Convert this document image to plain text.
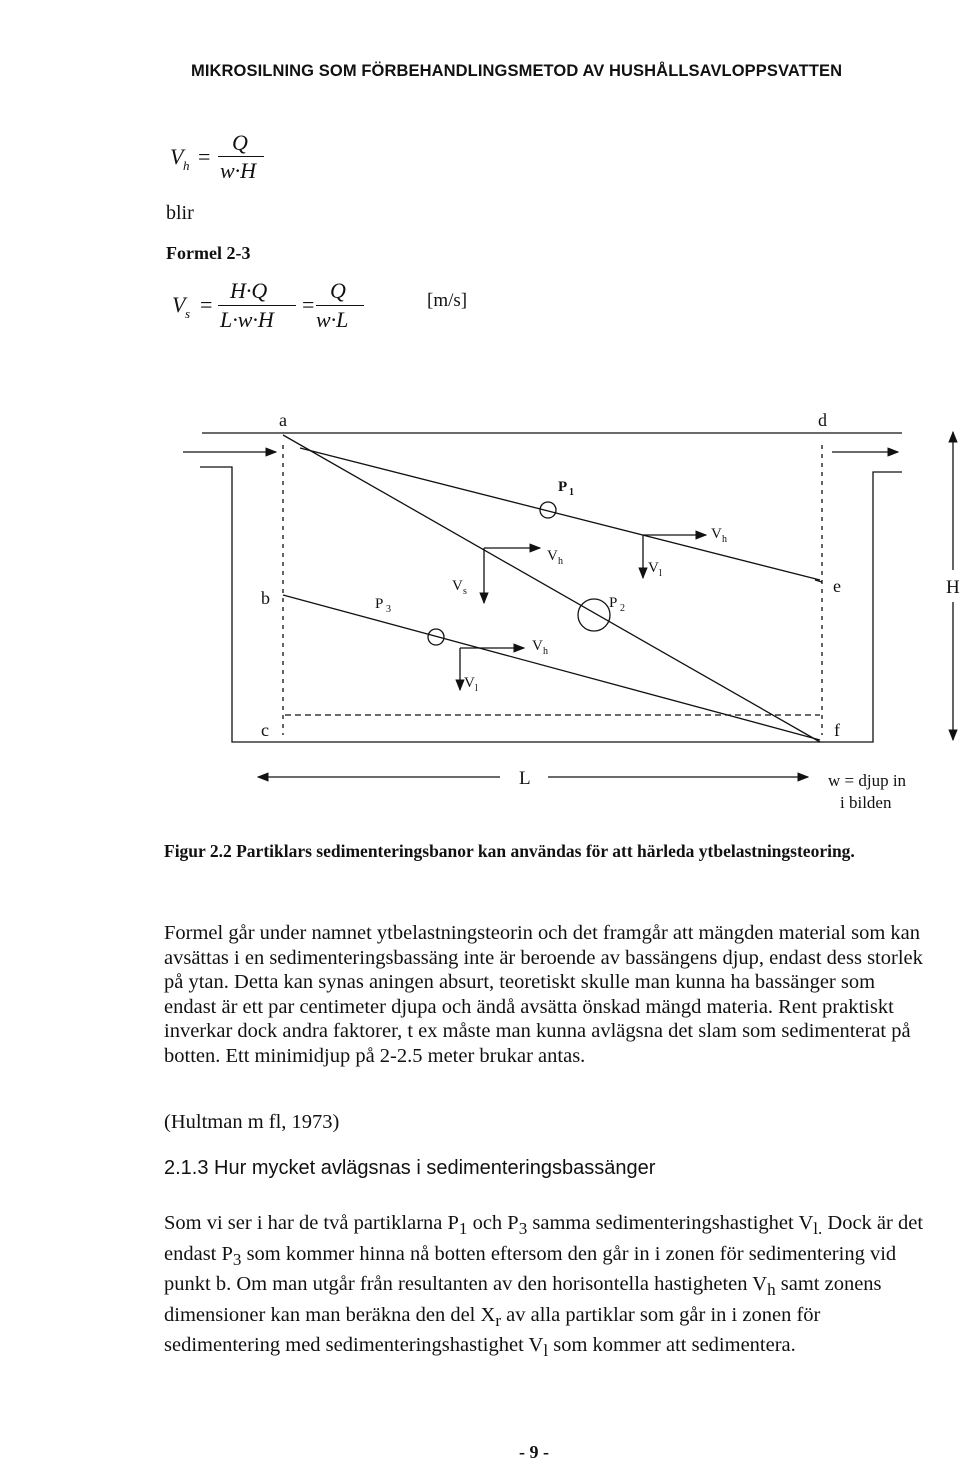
MIKROSILNING SOM FÖRBEHANDLINGSMETOD AV HUSHÅLLSAVLOPPSVATTEN
V h =
Q
w·H
blir
Formel 2-3
V s =
H·Q
L·w·H
=
Q
w·L
[m/s]
a	d
b
e
c	f
H
L
P 1
P 2
P 3
V h
V h
V h
V s
V l
V l
w = djup in
i bilden
Figur 2.2 Partiklars sedimenteringsbanor kan användas för att härleda ytbelastningsteoring.
Formel går under namnet ytbelastningsteorin och det framgår att mängden material som kan avsättas i en sedimenteringsbassäng inte är beroende av bassängens djup, endast dess storlek på ytan. Detta kan synas aningen absurt, teoretiskt skulle man kunna ha bassänger som endast är ett par centimeter djupa och ändå avsätta önskad mängd materia. Rent praktiskt inverkar dock andra faktorer, t ex måste man kunna avlägsna det slam som sedimenterat på botten. Ett minimidjup på 2-2.5 meter brukar antas.
(Hultman m fl, 1973)
2.1.3 Hur mycket avlägsnas i sedimenteringsbassänger
Som vi ser i har de två partiklarna $P_1$ och $P_3$ samma sedimenteringshastighet $V_{l.}$ Dock är det endast $P_3$ som kommer hinna nå botten eftersom den går in i zonen för sedimentering vid punkt b. Om man utgår från resultanten av den horisontella hastigheten $V_h$ samt zonens dimensioner kan man beräkna den del $X_r$ av alla partiklar som går in i zonen för sedimentering med sedimenteringshastighet $V_l$ som kommer att sedimentera.
- 9 -
